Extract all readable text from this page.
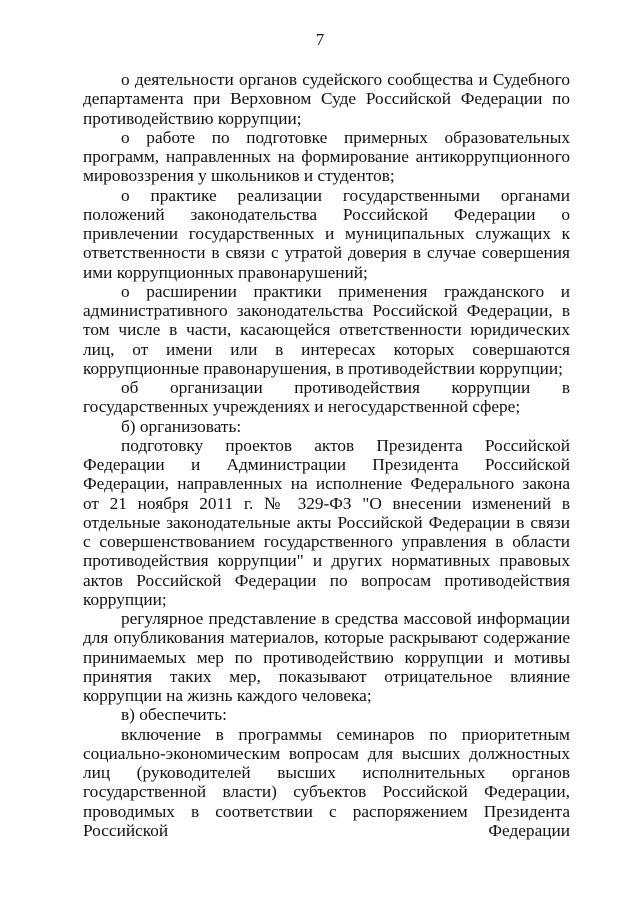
7

о деятельности органов судейского сообщества и Судебного департамента при Верховном Суде Российской Федерации по противодействию коррупции;

о работе по подготовке примерных образовательных программ, направленных на формирование антикоррупционного мировоззрения у школьников и студентов;

о практике реализации государственными органами положений законодательства Российской Федерации о привлечении государственных и муниципальных служащих к ответственности в связи с утратой доверия в случае совершения ими коррупционных правонарушений;

о расширении практики применения гражданского и административного законодательства Российской Федерации, в том числе в части, касающейся ответственности юридических лиц, от имени или в интересах которых совершаются коррупционные правонарушения, в противодействии коррупции;

об организации противодействия коррупции в государственных учреждениях и негосударственной сфере;

б) организовать:

подготовку проектов актов Президента Российской Федерации и Администрации Президента Российской Федерации, направленных на исполнение Федерального закона от 21 ноября 2011 г. № 329-ФЗ "О внесении изменений в отдельные законодательные акты Российской Федерации в связи с совершенствованием государственного управления в области противодействия коррупции" и других нормативных правовых актов Российской Федерации по вопросам противодействия коррупции;

регулярное представление в средства массовой информации для опубликования материалов, которые раскрывают содержание принимаемых мер по противодействию коррупции и мотивы принятия таких мер, показывают отрицательное влияние коррупции на жизнь каждого человека;

в) обеспечить:

включение в программы семинаров по приоритетным социально-экономическим вопросам для высших должностных лиц (руководителей высших исполнительных органов государственной власти) субъектов Российской Федерации, проводимых в соответствии с распоряжением Президента Российской Федерации
